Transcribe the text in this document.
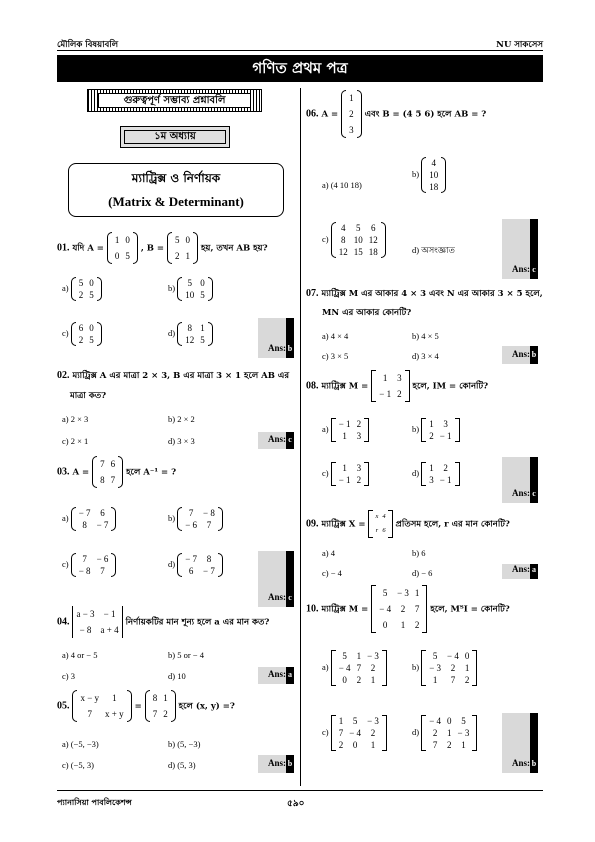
মৌলিক বিষয়াবলি	NU সাকসেস
গণিত প্রথম পত্র
গুরুত্বপূর্ণ সম্ভাব্য প্রশ্নাবলি
১ম অধ্যায়
ম্যাট্রিক্স ও নির্ণায়ক
(Matrix & Determinant)
01. যদি A =
1	0
0	5
, B =
5	0
2	1
হয়, তখন AB হয়?
a) 5	0
2	5
b) 5	0
10	5
c) 6	0
2	5
d) 8	1
12	5
Ans: b
02. ম্যাট্রিক্স A এর মাত্রা 2 × 3, B এর মাত্রা 3 × 1 হলে AB এর
মাত্রা কত?
a) 2 × 3	b) 2 × 2
c) 2 × 1	d) 3 × 3	Ans: c
03. A =
7	6
8	7
হলে A⁻¹ = ?
a) − 7	6
8	− 7
b) 7	− 8
− 6	7
c) 7	− 6
− 8	7
d) − 7	8
6	− 7
Ans: c
04.
a − 3	− 1
− 8	a + 4
নির্ণায়কটির মান শূন্য হলে a এর মান কত?
a) 4 or − 5	b) 5 or − 4
c) 3	d) 10	Ans: a
05.
x − y	1
7	x + y
=
8	1
7	2
হলে (x, y) =?
a) (−5, −3)	b) (5, −3)
c) (−5, 3)	d) (5, 3)	Ans: b
06. A =
1
2
3
এবং B = (4 5 6) হলে AB = ?
a) (4 10 18)
b)
4
10
18
c)
4	5	6
8	10	12
12	15	18	d) অসংজ্ঞাত
Ans: c
07. ম্যাট্রিক্স M এর আকার 4 × 3 এবং N এর আকার 3 × 5 হলে,
MN এর আকার কোনটি?
a) 4 × 4	b) 4 × 5
c) 3 × 5	d) 3 × 4	Ans: b
08. ম্যাট্রিক্স M =
1	3
− 1	2
হলে, IM = কোনটি?
a) − 1	2
1	3
b) 1	3
2	− 1
c) 1	3
− 1	2
d) 1	2
3	− 1
Ans: c
09. ম্যাট্রিক্স X =
x	4
r	6
প্রতিসম হলে, r এর মান কোনটি?
a) 4	b) 6
c) − 4	d) − 6	Ans: a
10. ম্যাট্রিক্স M =
5	− 3	1
− 4	2	7
0	1	2
হলে, MᵀI = কোনটি?
a)
5	1	− 3
− 4	7	2
0	2	1
b)
5	− 4	0
− 3	2	1
1	7	2
c)
1	5	− 3
7	− 4	2
2	0	1
d)
− 4	0	5
2	1	− 3
7	2	1
Ans: b
প্যানাসিয়া পাবলিকেশন্স	৫৯০
